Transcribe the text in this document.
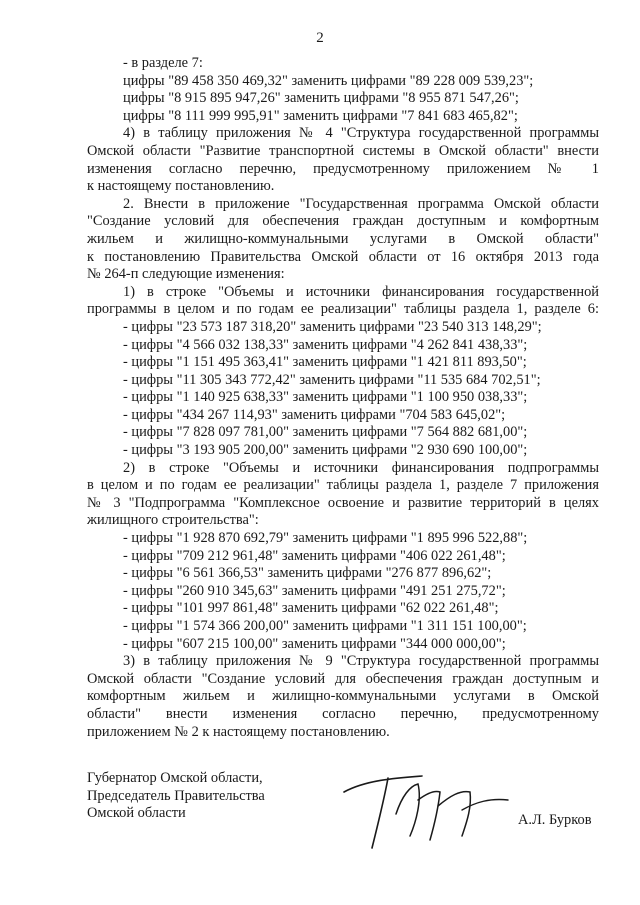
2
- в разделе 7:
цифры "89 458 350 469,32" заменить цифрами "89 228 009 539,23";
цифры "8 915 895 947,26" заменить цифрами "8 955 871 547,26";
цифры "8 111 999 995,91" заменить цифрами "7 841 683 465,82";
4) в таблицу приложения № 4 "Структура государственной программы
Омской области "Развитие транспортной системы в Омской области" внести
изменения согласно перечню, предусмотренному приложением № 1
к настоящему постановлению.
2. Внести в приложение "Государственная программа Омской области
"Создание условий для обеспечения граждан доступным и комфортным
жильем и жилищно-коммунальными услугами в Омской области"
к постановлению Правительства Омской области от 16 октября 2013 года
№ 264-п следующие изменения:
1) в строке "Объемы и источники финансирования государственной
программы в целом и по годам ее реализации" таблицы раздела 1, разделе 6:
- цифры "23 573 187 318,20" заменить цифрами "23 540 313 148,29";
- цифры "4 566 032 138,33" заменить цифрами "4 262 841 438,33";
- цифры "1 151 495 363,41" заменить цифрами "1 421 811 893,50";
- цифры "11 305 343 772,42" заменить цифрами "11 535 684 702,51";
- цифры "1 140 925 638,33" заменить цифрами "1 100 950 038,33";
- цифры "434 267 114,93" заменить цифрами "704 583 645,02";
- цифры "7 828 097 781,00" заменить цифрами "7 564 882 681,00";
- цифры "3 193 905 200,00" заменить цифрами "2 930 690 100,00";
2) в строке "Объемы и источники финансирования подпрограммы
в целом и по годам ее реализации" таблицы раздела 1, разделе 7 приложения
№ 3 "Подпрограмма "Комплексное освоение и развитие территорий в целях
жилищного строительства":
- цифры "1 928 870 692,79" заменить цифрами "1 895 996 522,88";
- цифры "709 212 961,48" заменить цифрами "406 022 261,48";
- цифры "6 561 366,53" заменить цифрами "276 877 896,62";
- цифры "260 910 345,63" заменить цифрами "491 251 275,72";
- цифры "101 997 861,48" заменить цифрами "62 022 261,48";
- цифры "1 574 366 200,00" заменить цифрами "1 311 151 100,00";
- цифры "607 215 100,00" заменить цифрами "344 000 000,00";
3) в таблицу приложения № 9 "Структура государственной программы
Омской области "Создание условий для обеспечения граждан доступным и
комфортным жильем и жилищно-коммунальными услугами в Омской
области" внести изменения согласно перечню, предусмотренному
приложением № 2 к настоящему постановлению.
Губернатор Омской области,
Председатель Правительства
Омской области	А.Л. Бурков
